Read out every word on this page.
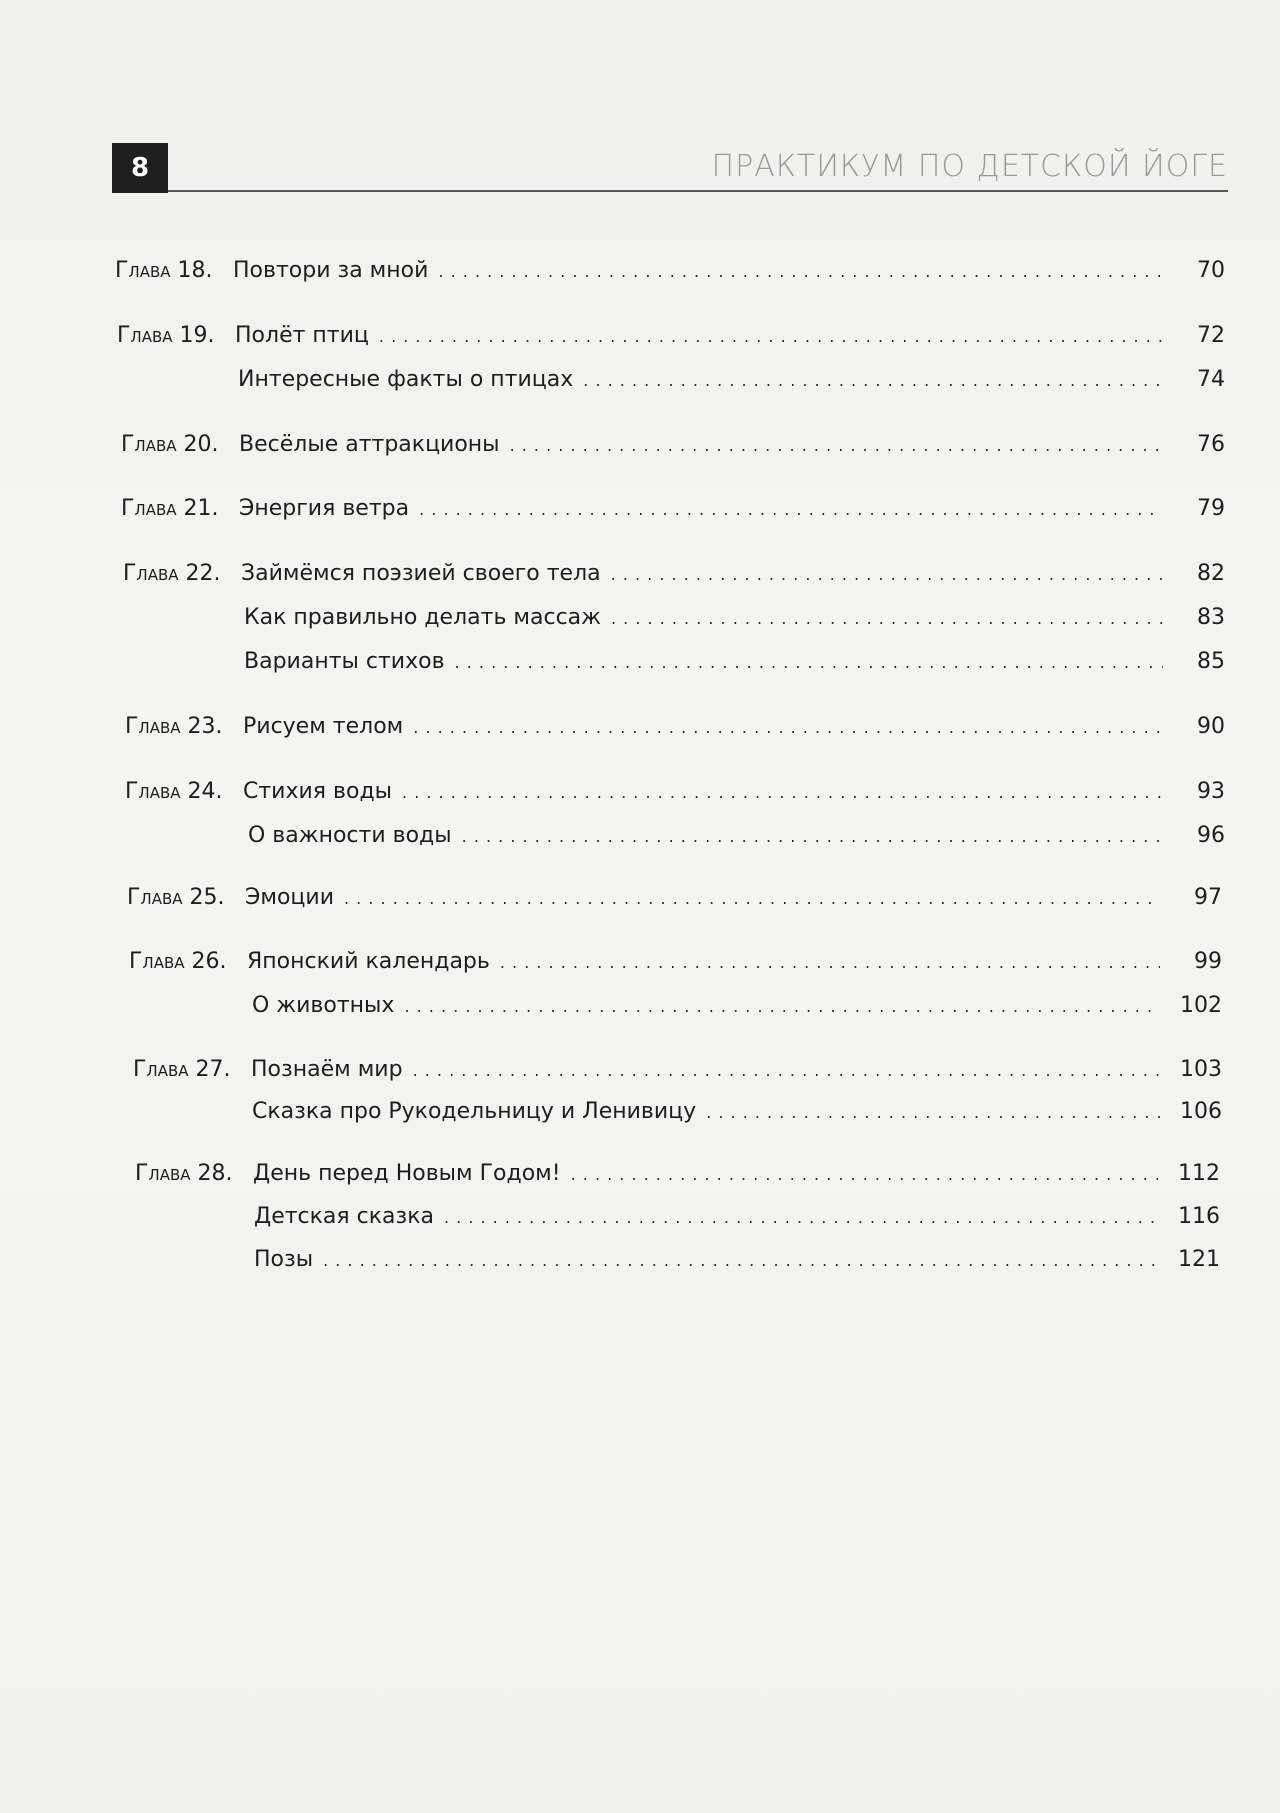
8	ПРАКТИКУМ ПО ДЕТСКОЙ ЙОГЕ
Глава 18. Повтори за мной . . .	70
Глава 19. Полёт птиц . . .	72
Интересные факты о птицах . . .	74
Глава 20. Весёлые аттракционы . . .	76
Глава 21. Энергия ветра . . .	79
Глава 22. Займёмся поэзией своего тела . . .	82
Как правильно делать массаж . . .	83
Варианты стихов . . .	85
Глава 23. Рисуем телом . . .	90
Глава 24. Стихия воды . . .	93
О важности воды . . .	96
Глава 25. Эмоции . . .	97
Глава 26. Японский календарь . . .	99
О животных . . .	102
Глава 27. Познаём мир . . .	103
Сказка про Рукодельницу и Ленивицу . . .	106
Глава 28. День перед Новым Годом! . . .	112
Детская сказка . . .	116
Позы . . .	121
